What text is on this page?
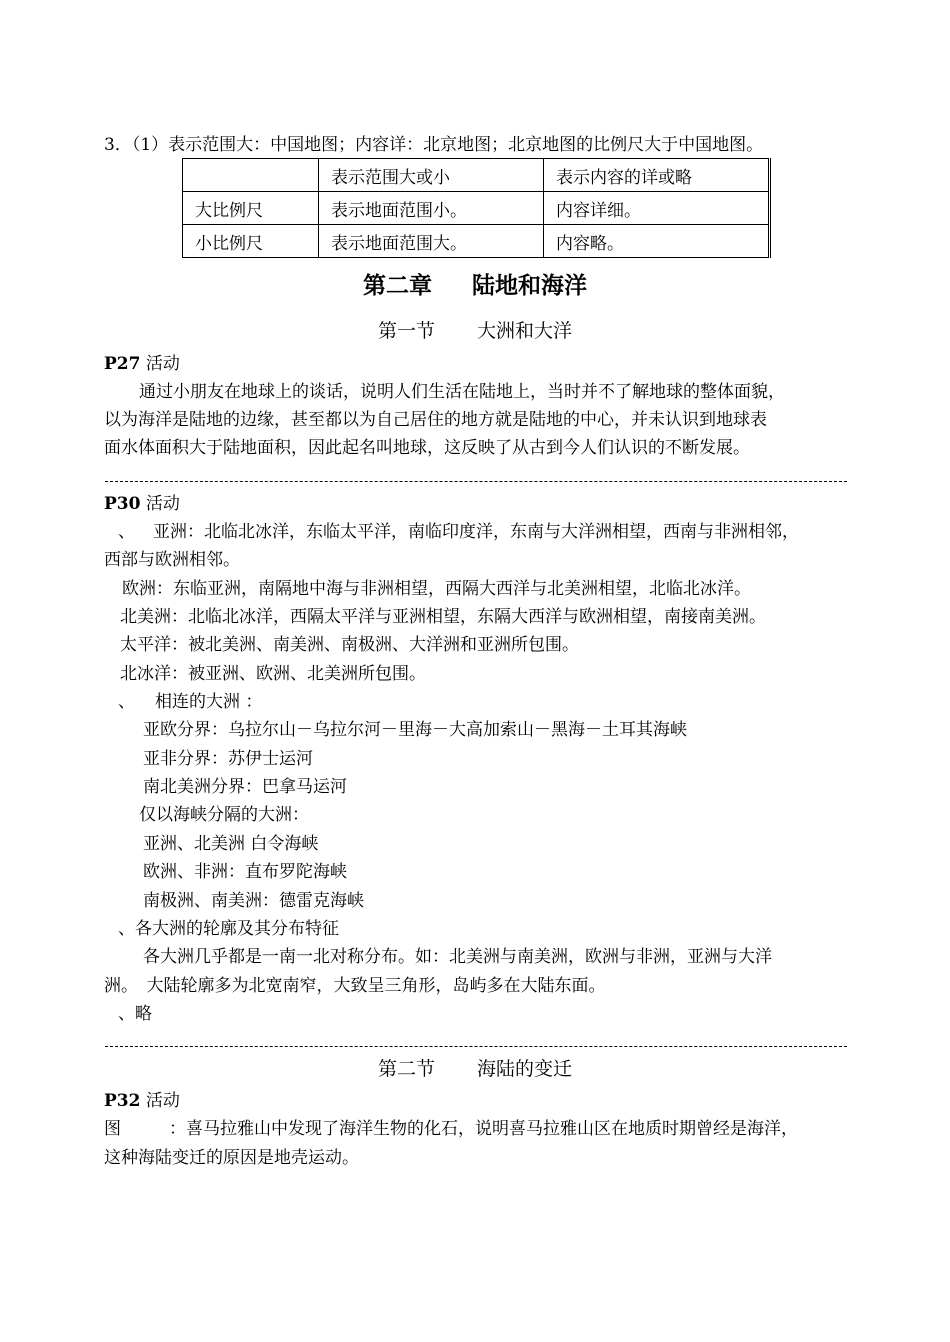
3．（1）表示范围大：中国地图；内容详：北京地图；北京地图的比例尺大于中国地图。
	表示范围大或小	表示内容的详或略
大比例尺	表示地面范围小。	内容详细。
小比例尺	表示地面范围大。	内容略。
第二章 陆地和海洋
第一节 大洲和大洋
P27 活动
通过小朋友在地球上的谈话，说明人们生活在陆地上，当时并不了解地球的整体面貌，
以为海洋是陆地的边缘，甚至都以为自己居住的地方就是陆地的中心，并未认识到地球表
面水体面积大于陆地面积，因此起名叫地球，这反映了从古到今人们认识的不断发展。
P30 活动
、 亚洲：北临北冰洋，东临太平洋，南临印度洋，东南与大洋洲相望，西南与非洲相邻，
西部与欧洲相邻。
欧洲：东临亚洲，南隔地中海与非洲相望，西隔大西洋与北美洲相望，北临北冰洋。
北美洲：北临北冰洋，西隔太平洋与亚洲相望，东隔大西洋与欧洲相望，南接南美洲。
太平洋：被北美洲、南美洲、南极洲、大洋洲和亚洲所包围。
北冰洋：被亚洲、欧洲、北美洲所包围。
、 相连的大洲 ：
亚欧分界：乌拉尔山－乌拉尔河－里海－大高加索山－黑海－土耳其海峡
亚非分界：苏伊士运河
南北美洲分界：巴拿马运河
仅以海峡分隔的大洲：
亚洲、北美洲 白令海峡
欧洲、非洲：直布罗陀海峡
南极洲、南美洲：德雷克海峡
、各大洲的轮廓及其分布特征
各大洲几乎都是一南一北对称分布。如：北美洲与南美洲，欧洲与非洲，亚洲与大洋
洲。　大陆轮廓多为北宽南窄，大致呈三角形，岛屿多在大陆东面。
、略
第二节 海陆的变迁
P32 活动
图	：喜马拉雅山中发现了海洋生物的化石，说明喜马拉雅山区在地质时期曾经是海洋，
这种海陆变迁的原因是地壳运动。
